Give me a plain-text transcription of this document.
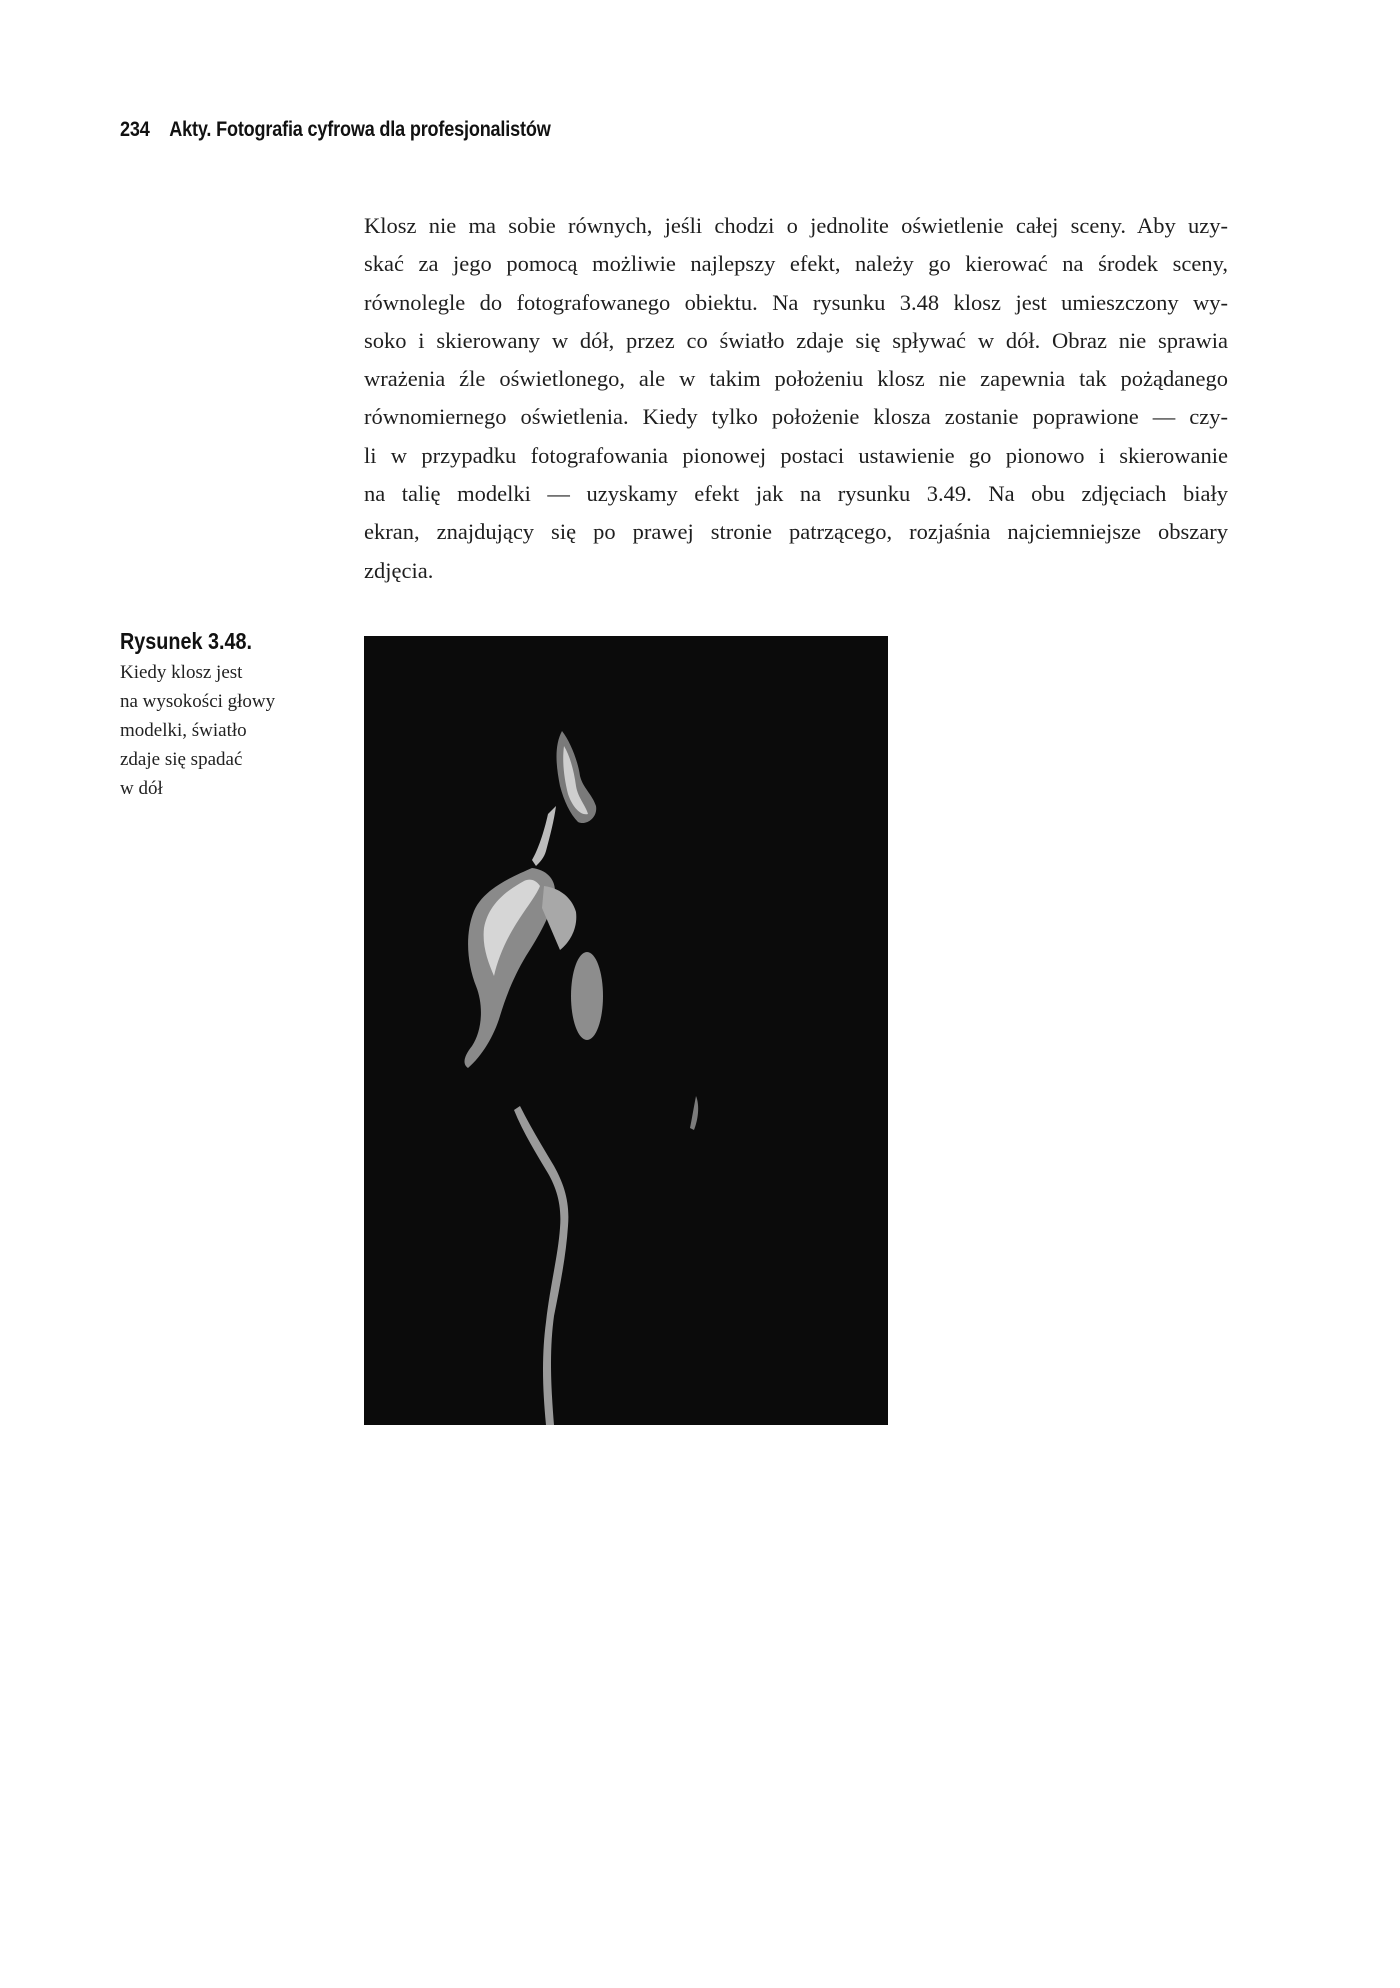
234 Akty. Fotografia cyfrowa dla profesjonalistów
Klosz nie ma sobie równych, jeśli chodzi o jednolite oświetlenie całej sceny. Aby uzy-
skać za jego pomocą możliwie najlepszy efekt, należy go kierować na środek sceny,
równolegle do fotografowanego obiektu. Na rysunku 3.48 klosz jest umieszczony wy-
soko i skierowany w dół, przez co światło zdaje się spływać w dół. Obraz nie sprawia
wrażenia źle oświetlonego, ale w takim położeniu klosz nie zapewnia tak pożądanego
równomiernego oświetlenia. Kiedy tylko położenie klosza zostanie poprawione — czy-
li w przypadku fotografowania pionowej postaci ustawienie go pionowo i skierowanie
na talię modelki — uzyskamy efekt jak na rysunku 3.49. Na obu zdjęciach biały
ekran, znajdujący się po prawej stronie patrzącego, rozjaśnia najciemniejsze obszary
zdjęcia.
Rysunek 3.48.
Kiedy klosz jest
na wysokości głowy
modelki, światło
zdaje się spadać
w dół
